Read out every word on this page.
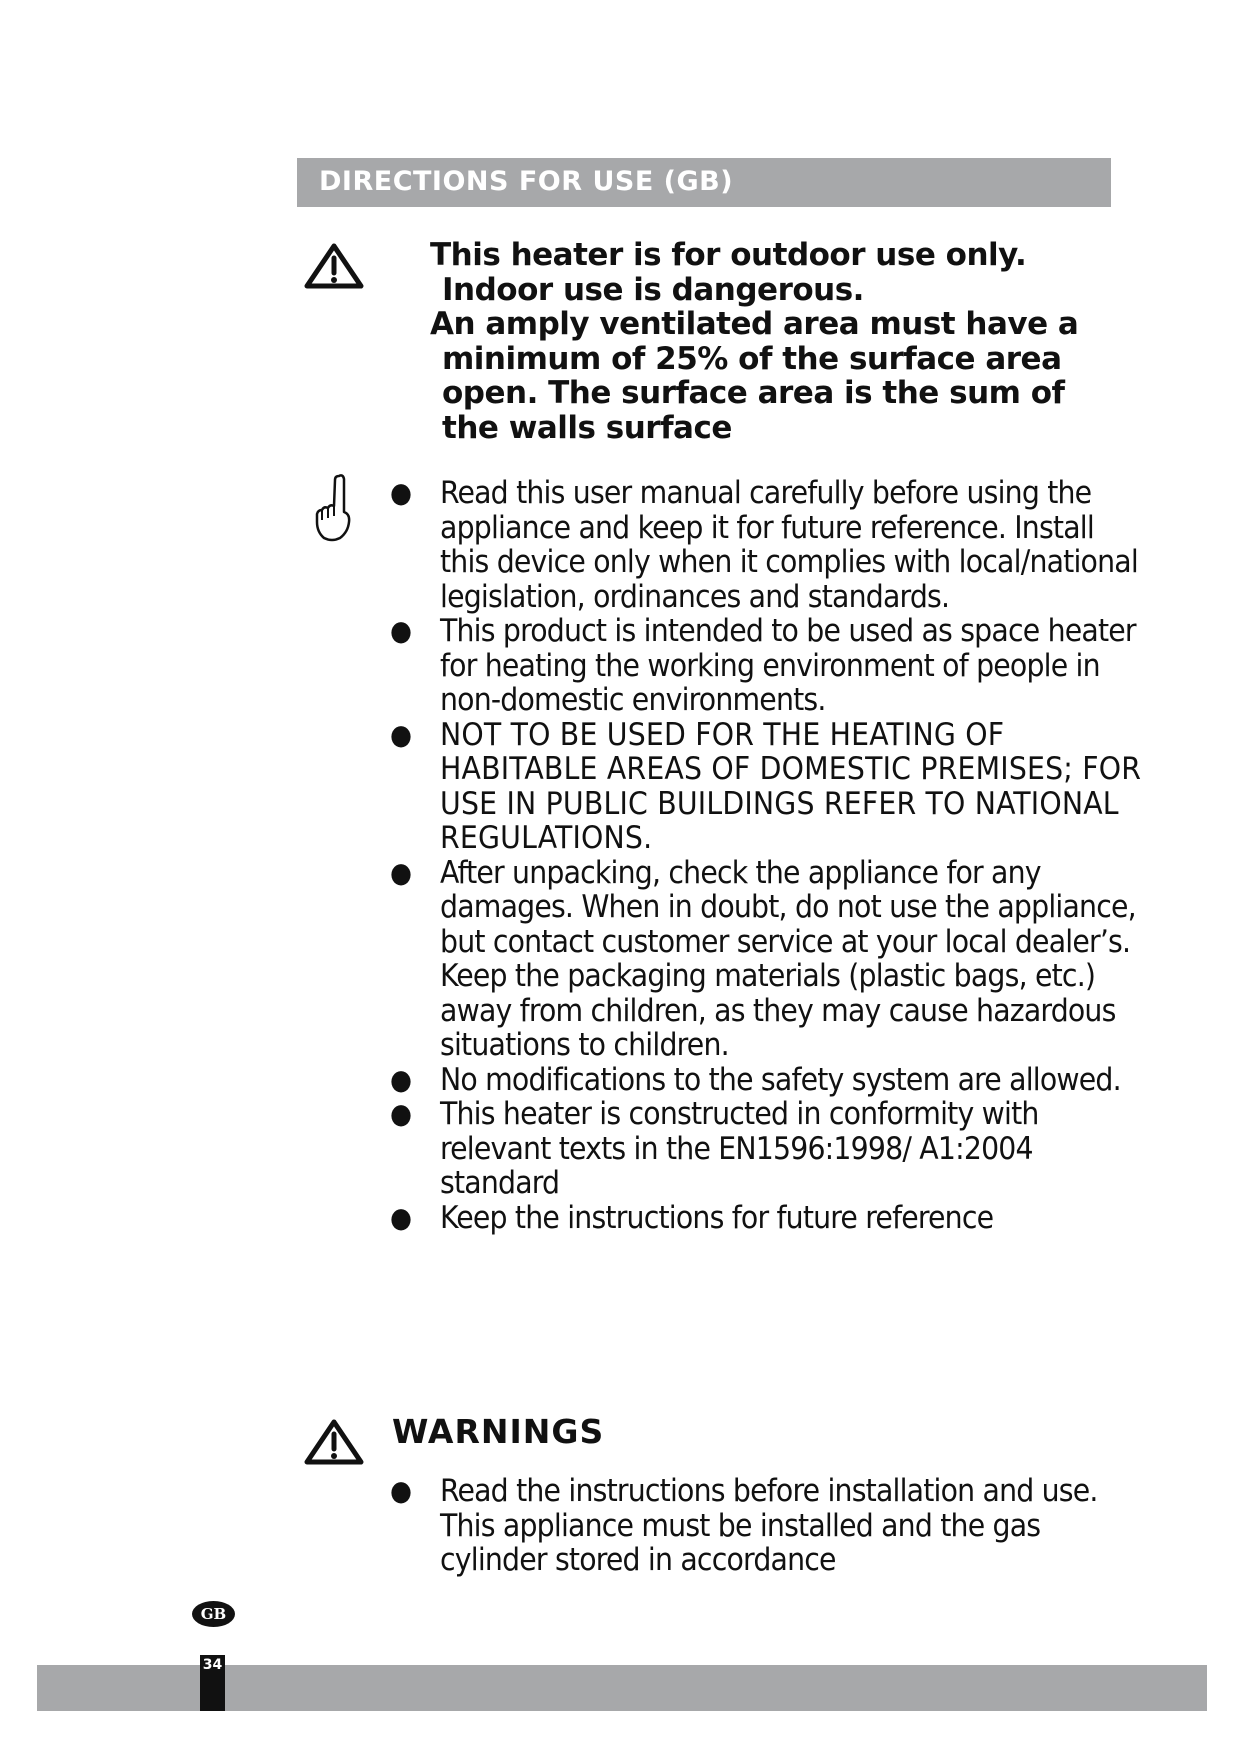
DIRECTIONS FOR USE (GB)

This heater is for outdoor use only. Indoor use is dangerous.

An amply ventilated area must have a minimum of 25% of the surface area open. The surface area is the sum of the walls surface

● Read this user manual carefully before using the appliance and keep it for future reference. Install this device only when it complies with local/national legislation, ordinances and standards.
● This product is intended to be used as space heater for heating the working environment of people in non-domestic environments.
● NOT TO BE USED FOR THE HEATING OF HABITABLE AREAS OF DOMESTIC PREMISES; FOR USE IN PUBLIC BUILDINGS REFER TO NATIONAL REGULATIONS.
● After unpacking, check the appliance for any damages. When in doubt, do not use the appliance, but contact customer service at your local dealer’s. Keep the packaging materials (plastic bags, etc.) away from children, as they may cause hazardous situations to children.
● No modifications to the safety system are allowed.
● This heater is constructed in conformity with relevant texts in the EN1596:1998/ A1:2004 standard
● Keep the instructions for future reference
WARNINGS
● Read the instructions before installation and use. This appliance must be installed and the gas cylinder stored in accordance
GB
34
